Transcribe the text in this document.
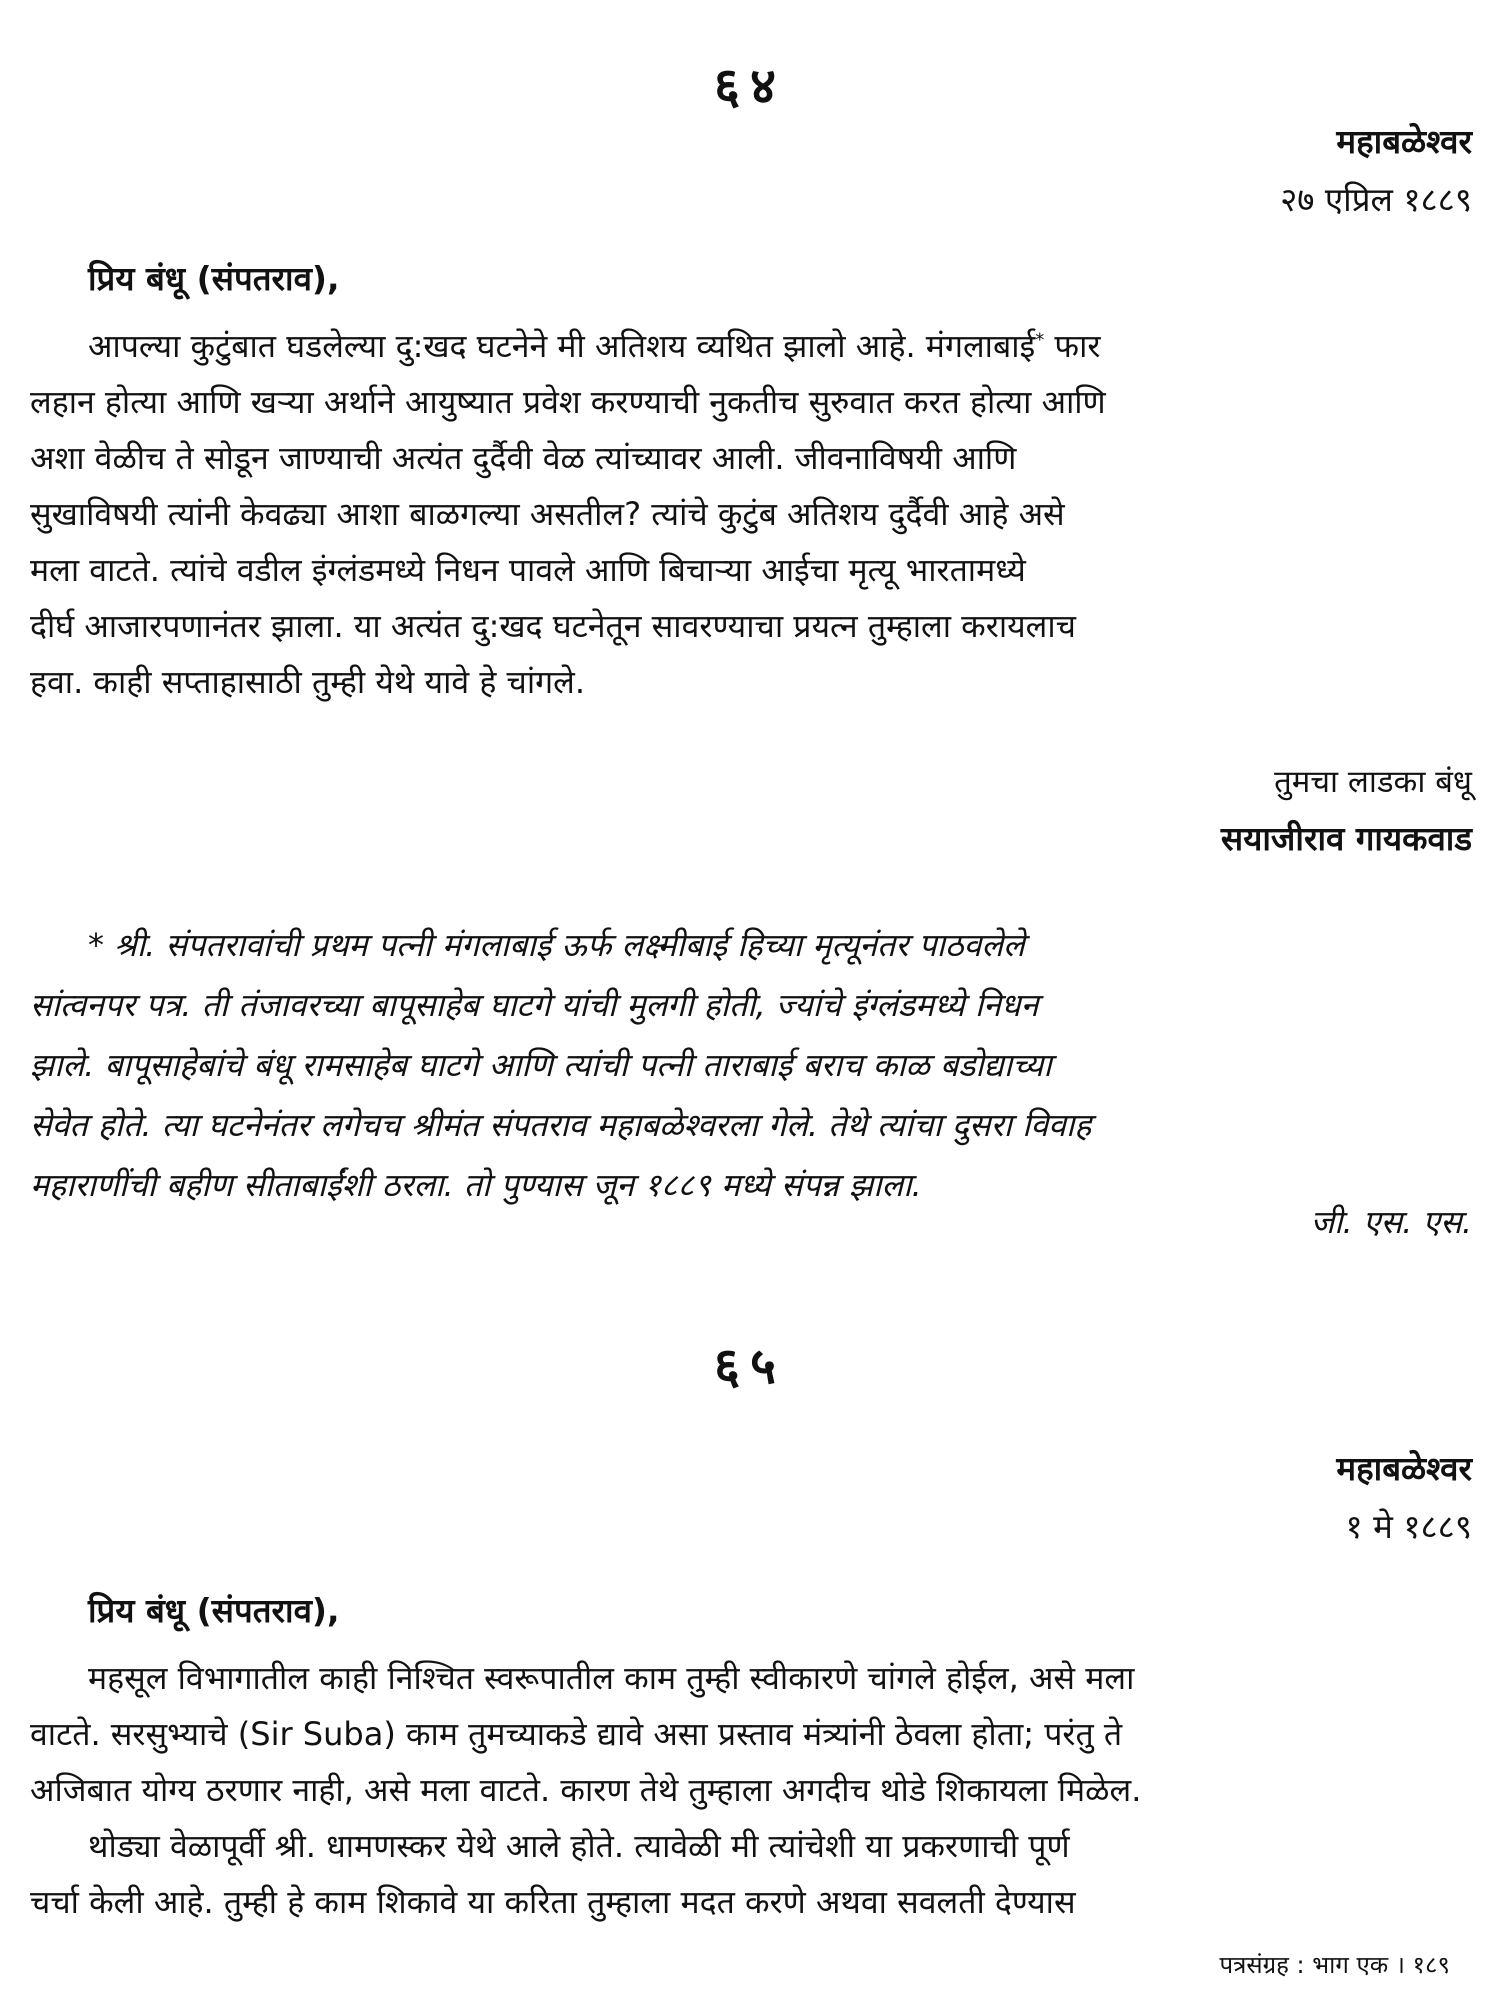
६४
महाबळेश्वर
२७ एप्रिल १८८९
प्रिय बंधू (संपतराव),
आपल्या कुटुंबात घडलेल्या दु:खद घटनेने मी अतिशय व्यथित झालो आहे. मंगलाबाई* फार
लहान होत्या आणि खऱ्या अर्थाने आयुष्यात प्रवेश करण्याची नुकतीच सुरुवात करत होत्या आणि
अशा वेळीच ते सोडून जाण्याची अत्यंत दुर्दैवी वेळ त्यांच्यावर आली. जीवनाविषयी आणि
सुखाविषयी त्यांनी केवढ्या आशा बाळगल्या असतील? त्यांचे कुटुंब अतिशय दुर्दैवी आहे असे
मला वाटते. त्यांचे वडील इंग्लंडमध्ये निधन पावले आणि बिचाऱ्या आईचा मृत्यू भारतामध्ये
दीर्घ आजारपणानंतर झाला. या अत्यंत दु:खद घटनेतून सावरण्याचा प्रयत्न तुम्हाला करायलाच
हवा. काही सप्ताहासाठी तुम्ही येथे यावे हे चांगले.
तुमचा लाडका बंधू
सयाजीराव गायकवाड
* श्री. संपतरावांची प्रथम पत्नी मंगलाबाई ऊर्फ लक्ष्मीबाई हिच्या मृत्यूनंतर पाठवलेले
सांत्वनपर पत्र. ती तंजावरच्या बापूसाहेब घाटगे यांची मुलगी होती, ज्यांचे इंग्लंडमध्ये निधन
झाले. बापूसाहेबांचे बंधू रामसाहेब घाटगे आणि त्यांची पत्नी ताराबाई बराच काळ बडोद्याच्या
सेवेत होते. त्या घटनेनंतर लगेचच श्रीमंत संपतराव महाबळेश्वरला गेले. तेथे त्यांचा दुसरा विवाह
महाराणींची बहीण सीताबाईंशी ठरला. तो पुण्यास जून १८८९ मध्ये संपन्न झाला.
जी. एस. एस.
६५
महाबळेश्वर
१ मे १८८९
प्रिय बंधू (संपतराव),
महसूल विभागातील काही निश्चित स्वरूपातील काम तुम्ही स्वीकारणे चांगले होईल, असे मला
वाटते. सरसुभ्याचे (Sir Suba) काम तुमच्याकडे द्यावे असा प्रस्ताव मंत्र्यांनी ठेवला होता; परंतु ते
अजिबात योग्य ठरणार नाही, असे मला वाटते. कारण तेथे तुम्हाला अगदीच थोडे शिकायला मिळेल.
थोड्या वेळापूर्वी श्री. धामणस्कर येथे आले होते. त्यावेळी मी त्यांचेशी या प्रकरणाची पूर्ण
चर्चा केली आहे. तुम्ही हे काम शिकावे या करिता तुम्हाला मदत करणे अथवा सवलती देण्यास
पत्रसंग्रह : भाग एक । १८९
